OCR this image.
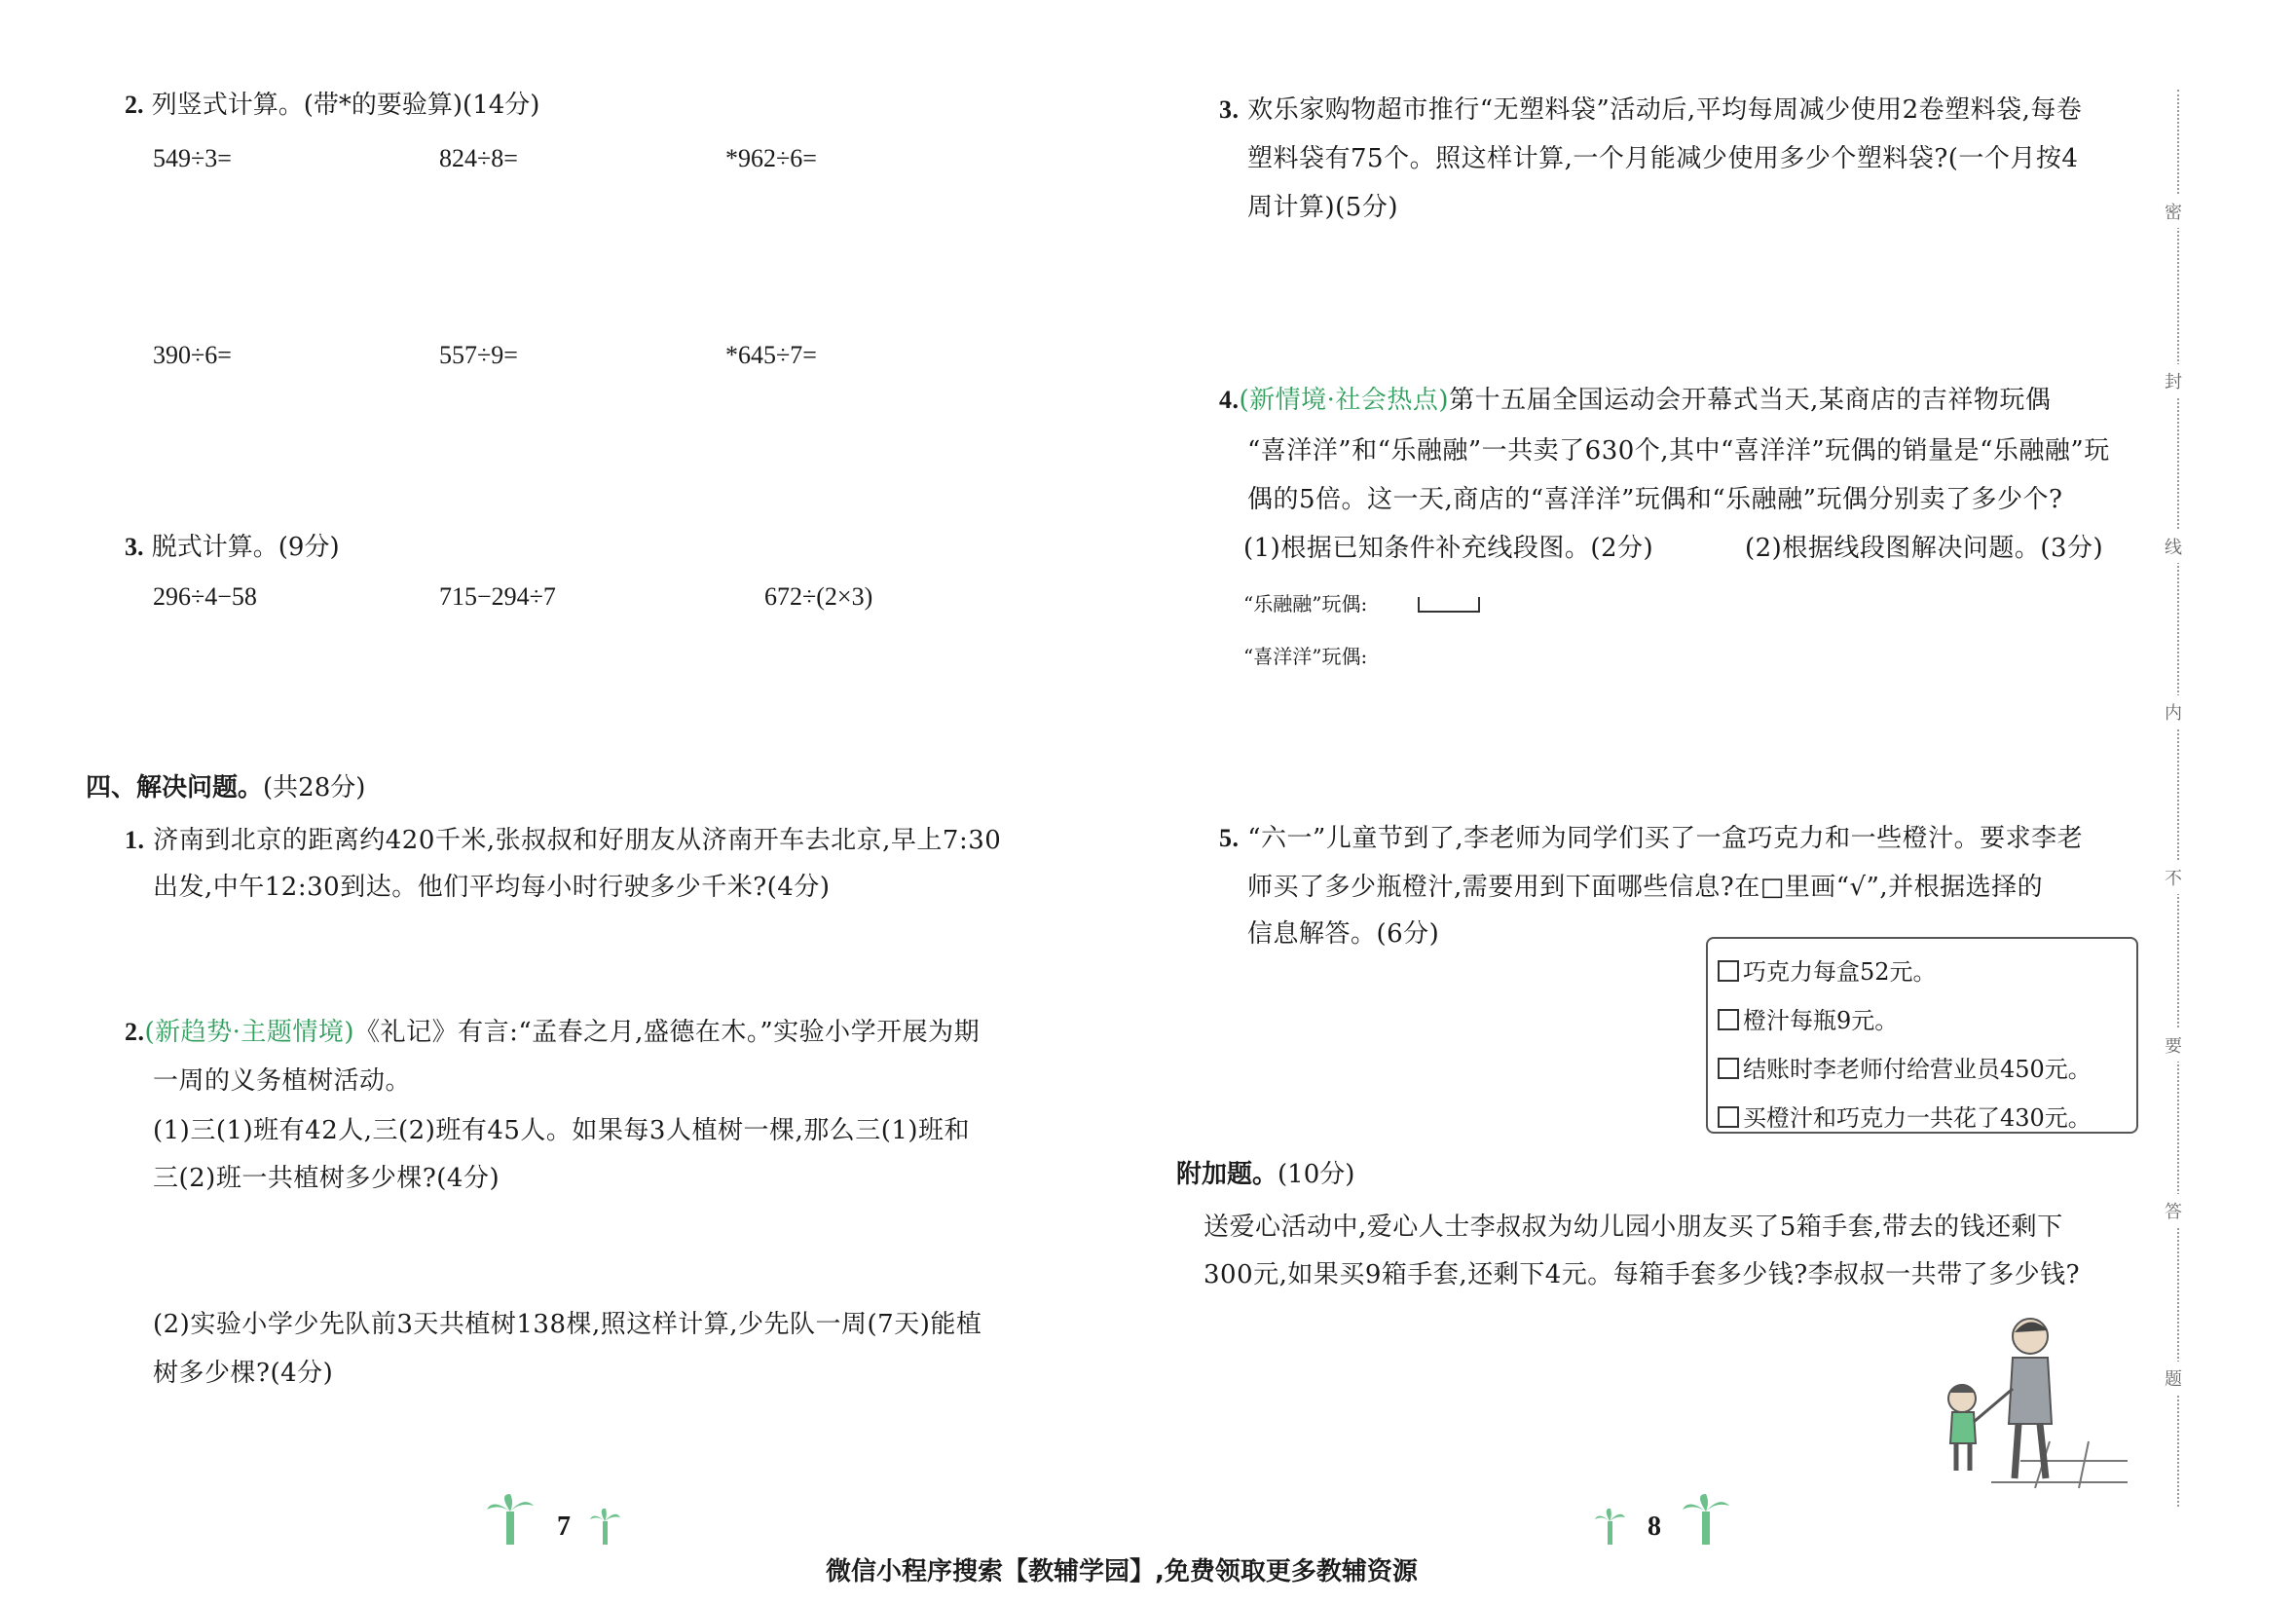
2. 列竖式计算。(带*的要验算)(14分)
549÷3=	824÷8=	*962÷6=
390÷6=	557÷9=	*645÷7=
3. 脱式计算。(9分)
296÷4−58	715−294÷7	672÷(2×3)
四、解决问题。(共28分)
1. 济南到北京的距离约420千米,张叔叔和好朋友从济南开车去北京,早上7:30
出发,中午12:30到达。他们平均每小时行驶多少千米?(4分)
2.(新趋势·主题情境)《礼记》有言:“孟春之月,盛德在木。”实验小学开展为期
一周的义务植树活动。
(1)三(1)班有42人,三(2)班有45人。如果每3人植树一棵,那么三(1)班和
三(2)班一共植树多少棵?(4分)
(2)实验小学少先队前3天共植树138棵,照这样计算,少先队一周(7天)能植
树多少棵?(4分)
7
3. 欢乐家购物超市推行“无塑料袋”活动后,平均每周减少使用2卷塑料袋,每卷
塑料袋有75个。照这样计算,一个月能减少使用多少个塑料袋?(一个月按4
周计算)(5分)
4.(新情境·社会热点)第十五届全国运动会开幕式当天,某商店的吉祥物玩偶
“喜洋洋”和“乐融融”一共卖了630个,其中“喜洋洋”玩偶的销量是“乐融融”玩
偶的5倍。这一天,商店的“喜洋洋”玩偶和“乐融融”玩偶分别卖了多少个?
(1)根据已知条件补充线段图。(2分)	(2)根据线段图解决问题。(3分)
“乐融融”玩偶:
“喜洋洋”玩偶:
5. “六一”儿童节到了,李老师为同学们买了一盒巧克力和一些橙汁。要求李老
师买了多少瓶橙汁,需要用到下面哪些信息?在□里画“√”,并根据选择的
信息解答。(6分)
巧克力每盒52元。
橙汁每瓶9元。
结账时李老师付给营业员450元。
买橙汁和巧克力一共花了430元。
附加题。(10分)
送爱心活动中,爱心人士李叔叔为幼儿园小朋友买了5箱手套,带去的钱还剩下
300元,如果买9箱手套,还剩下4元。每箱手套多少钱?李叔叔一共带了多少钱?
8
密
封
线
内
不
要
答
题
微信小程序搜索【教辅学园】,免费领取更多教辅资源
